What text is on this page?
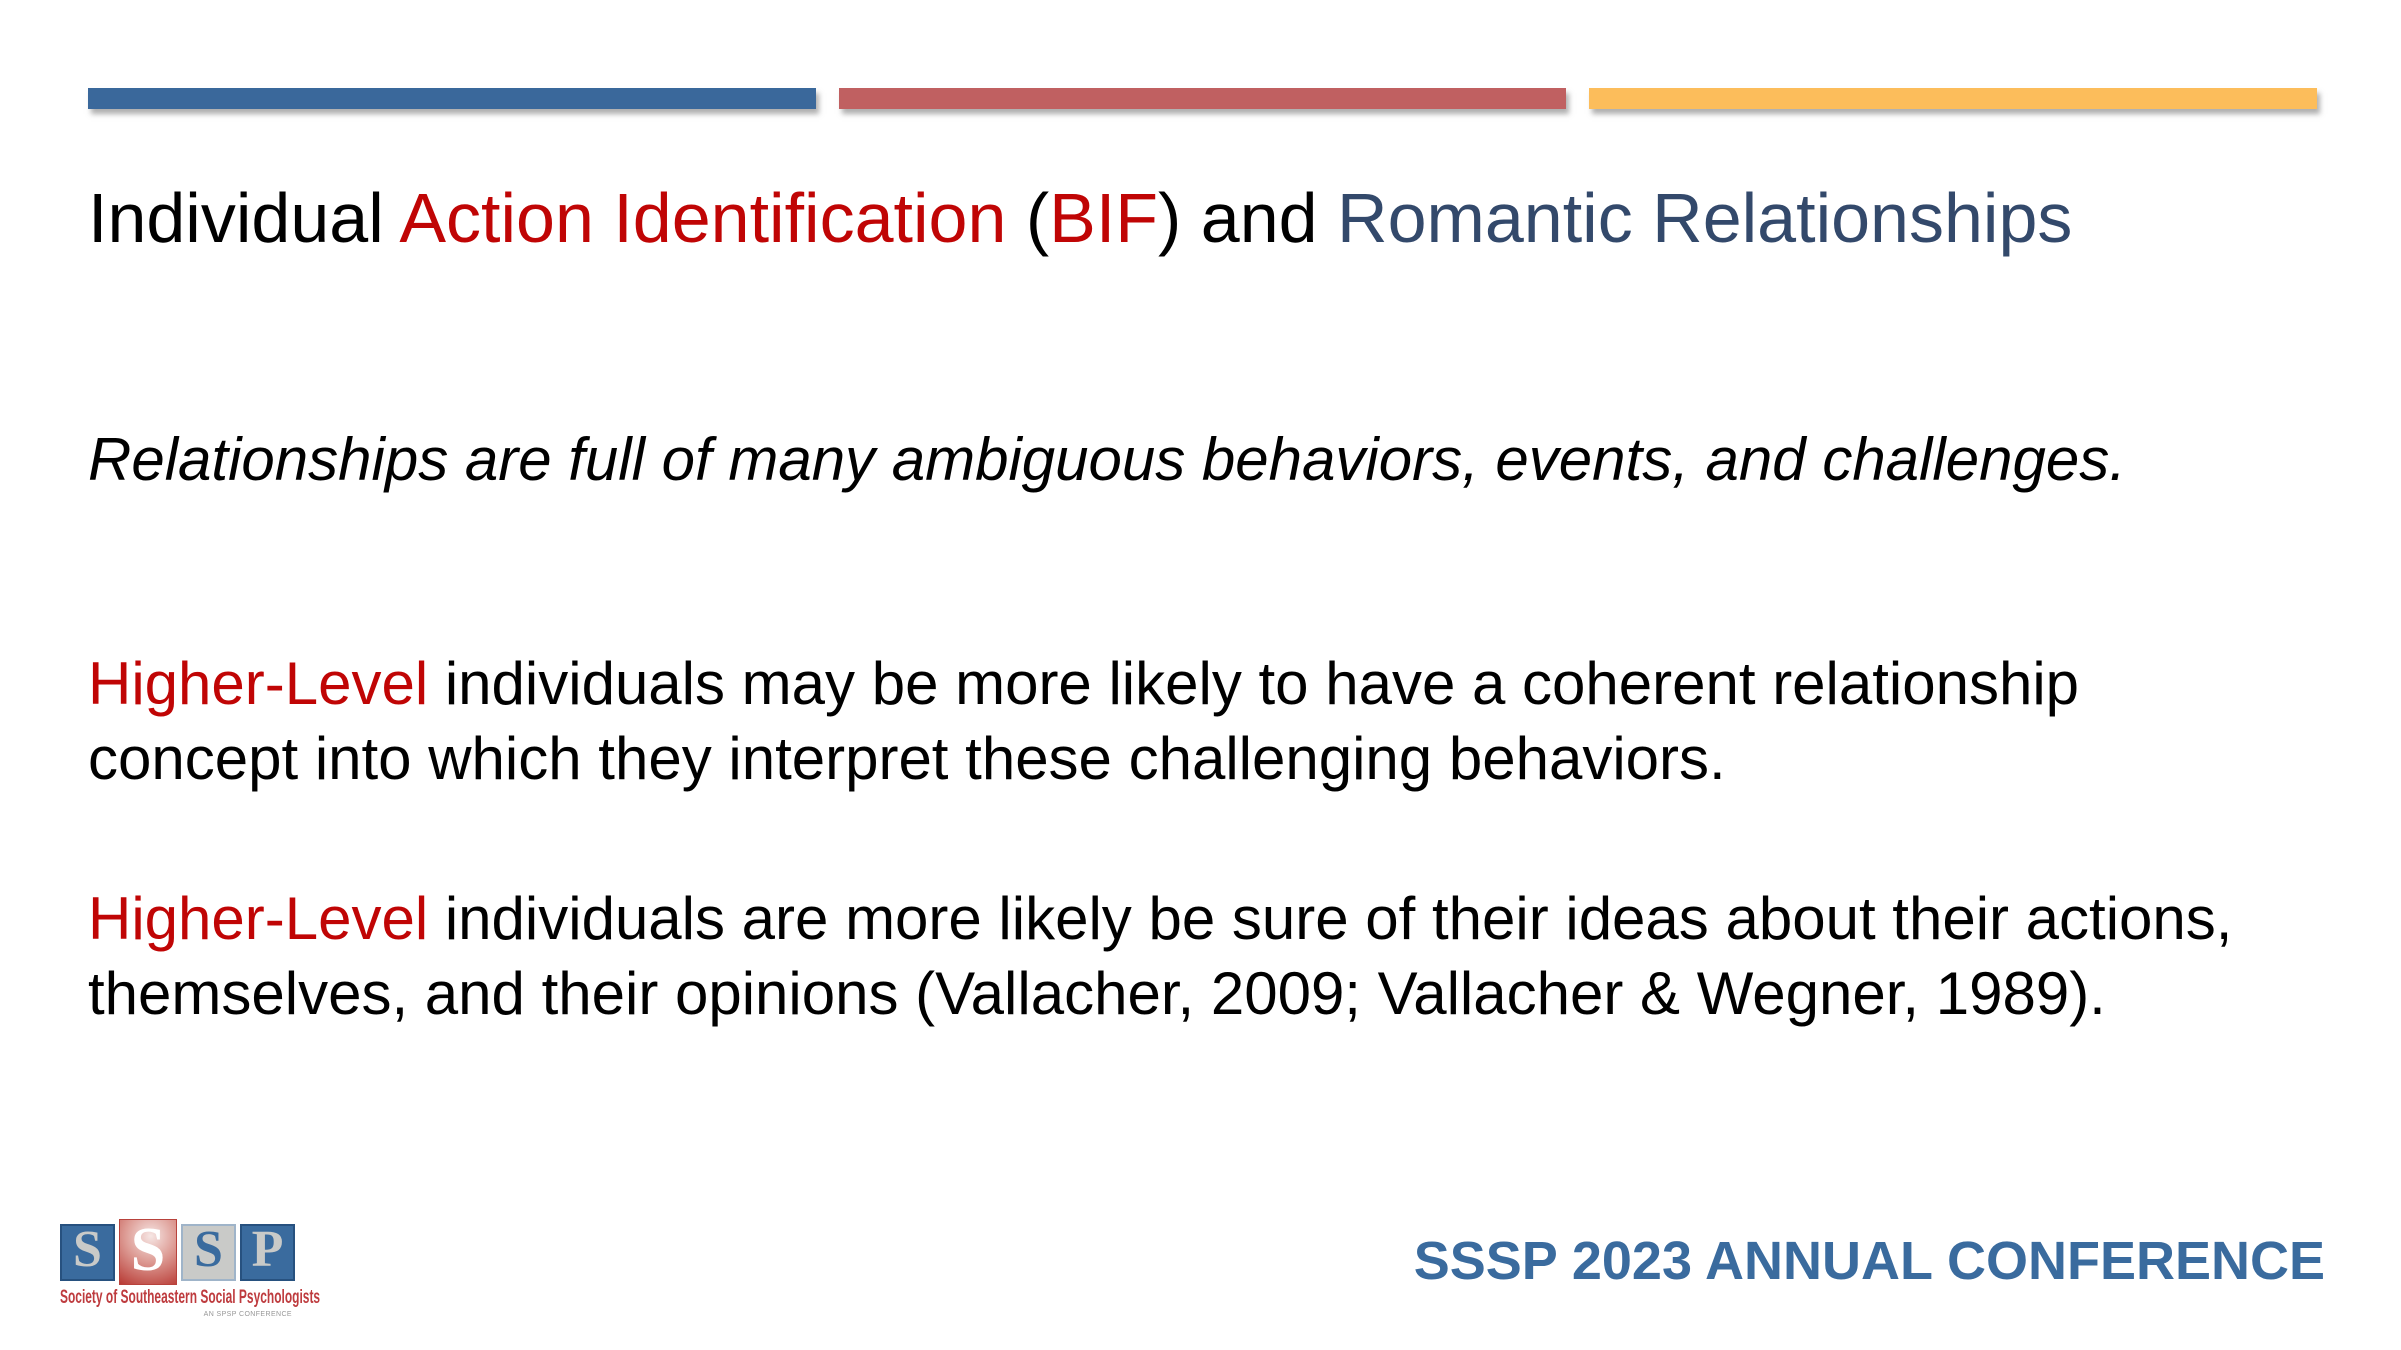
Individual Action Identification (BIF) and Romantic Relationships
Relationships are full of many ambiguous behaviors, events, and challenges.
Higher-Level individuals may be more likely to have a coherent relationship
concept into which they interpret these challenging behaviors.
Higher-Level individuals are more likely be sure of their ideas about their actions,
themselves, and their opinions (Vallacher, 2009; Vallacher & Wegner, 1989).
S S S P
Society of Southeastern Social Psychologists
AN SPSP CONFERENCE
SSSP 2023 ANNUAL CONFERENCE
